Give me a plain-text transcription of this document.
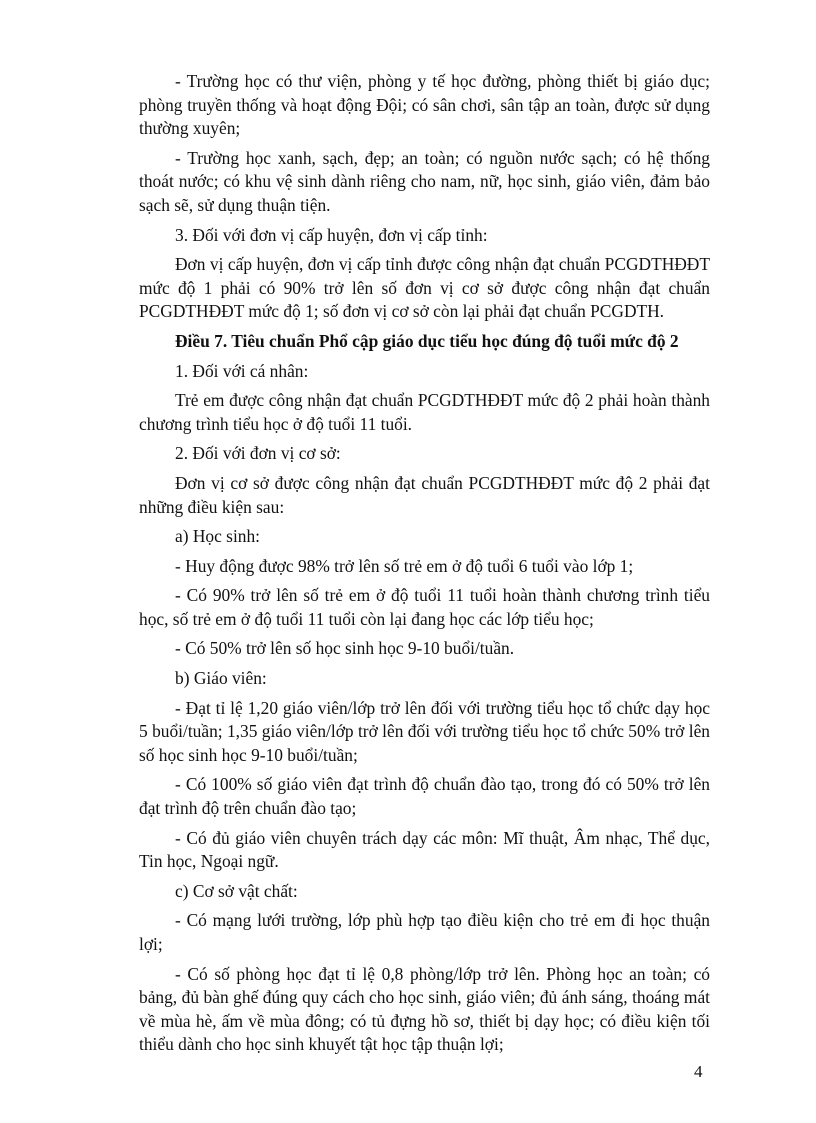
- Trường học có thư viện, phòng y tế học đường, phòng thiết bị giáo dục; phòng truyền thống và hoạt động Đội; có sân chơi, sân tập an toàn, được sử dụng thường xuyên;

- Trường học xanh, sạch, đẹp; an toàn; có nguồn nước sạch; có hệ thống thoát nước; có khu vệ sinh dành riêng cho nam, nữ, học sinh, giáo viên, đảm bảo sạch sẽ, sử dụng thuận tiện.

3. Đối với đơn vị cấp huyện, đơn vị cấp tỉnh:

Đơn vị cấp huyện, đơn vị cấp tỉnh được công nhận đạt chuẩn PCGDTHĐĐT mức độ 1 phải có 90% trở lên số đơn vị cơ sở được công nhận đạt chuẩn PCGDTHĐĐT mức độ 1; số đơn vị cơ sở còn lại phải đạt chuẩn PCGDTH.

Điều 7. Tiêu chuẩn Phổ cập giáo dục tiểu học đúng độ tuổi mức độ 2

1. Đối với cá nhân:

Trẻ em được công nhận đạt chuẩn PCGDTHĐĐT mức độ 2 phải hoàn thành chương trình tiểu học ở độ tuổi 11 tuổi.

2. Đối với đơn vị cơ sở:

Đơn vị cơ sở được công nhận đạt chuẩn PCGDTHĐĐT mức độ 2 phải đạt những điều kiện sau:

a) Học sinh:

- Huy động được 98% trở lên số trẻ em ở độ tuổi 6 tuổi vào lớp 1;

- Có 90% trở lên số trẻ em ở độ tuổi 11 tuổi hoàn thành chương trình tiểu học, số trẻ em ở độ tuổi 11 tuổi còn lại đang học các lớp tiểu học;

- Có 50% trở lên số học sinh học 9-10 buổi/tuần.

b) Giáo viên:

- Đạt tỉ lệ 1,20 giáo viên/lớp trở lên đối với trường tiểu học tổ chức dạy học 5 buổi/tuần; 1,35 giáo viên/lớp trở lên đối với trường tiểu học tổ chức 50% trở lên số học sinh học 9-10 buổi/tuần;

- Có 100% số giáo viên đạt trình độ chuẩn đào tạo, trong đó có 50% trở lên đạt trình độ trên chuẩn đào tạo;

- Có đủ giáo viên chuyên trách dạy các môn: Mĩ thuật, Âm nhạc, Thể dục, Tin học, Ngoại ngữ.

c) Cơ sở vật chất:

- Có mạng lưới trường, lớp phù hợp tạo điều kiện cho trẻ em đi học thuận lợi;

- Có số phòng học đạt tỉ lệ 0,8 phòng/lớp trở lên. Phòng học an toàn; có bảng, đủ bàn ghế đúng quy cách cho học sinh, giáo viên; đủ ánh sáng, thoáng mát về mùa hè, ấm về mùa đông; có tủ đựng hồ sơ, thiết bị dạy học; có điều kiện tối thiểu dành cho học sinh khuyết tật học tập thuận lợi;

4
